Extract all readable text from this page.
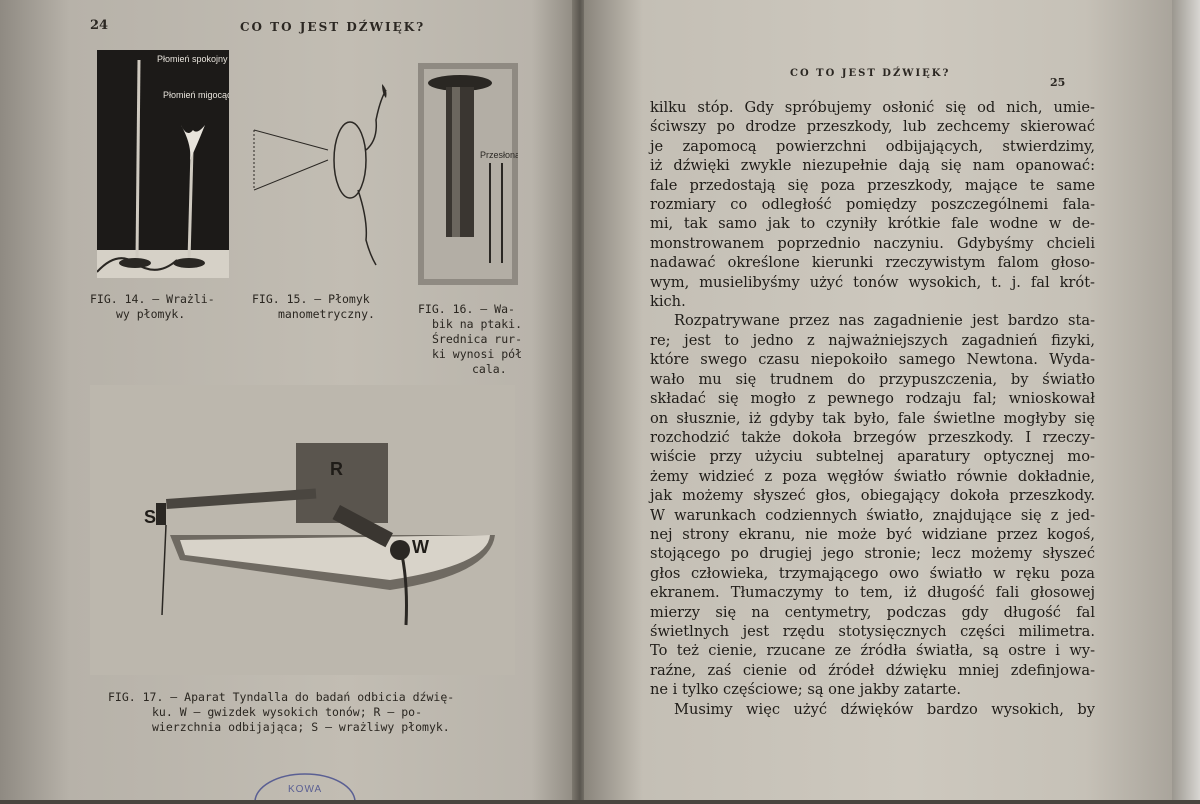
24	CO TO JEST DŹWIĘK?
Płomień spokojny
Płomień migocący
FIG. 14. — Wrażli-
wy płomyk.
FIG. 15. — Płomyk
manometryczny.
Przesłona
FIG. 16. — Wa-
bik na ptaki.
Średnica rur-
ki wynosi pół
cala.
S
R
W
FIG. 17. — Aparat Tyndalla do badań odbicia dźwię-
ku. W — gwizdek wysokich tonów; R — po-
wierzchnia odbijająca; S — wrażliwy płomyk.
KOWA
CO TO JEST DŹWIĘK?
25
kilku stóp. Gdy spróbujemy osłonić się od nich, umie-
ściwszy po drodze przeszkody, lub zechcemy skierować
je zapomocą powierzchni odbijających, stwierdzimy,
iż dźwięki zwykle niezupełnie dają się nam opanować:
fale przedostają się poza przeszkody, mające te same
rozmiary co odległość pomiędzy poszczególnemi fala-
mi, tak samo jak to czyniły krótkie fale wodne w de-
monstrowanem poprzednio naczyniu. Gdybyśmy chcieli
nadawać określone kierunki rzeczywistym falom głoso-
wym, musielibyśmy użyć tonów wysokich, t. j. fal krót-
kich.
Rozpatrywane przez nas zagadnienie jest bardzo sta-
re; jest to jedno z najważniejszych zagadnień fizyki,
które swego czasu niepokoiło samego Newtona. Wyda-
wało mu się trudnem do przypuszczenia, by światło
składać się mogło z pewnego rodzaju fal; wnioskował
on słusznie, iż gdyby tak było, fale świetlne mogłyby się
rozchodzić także dokoła brzegów przeszkody. I rzeczy-
wiście przy użyciu subtelnej aparatury optycznej mo-
żemy widzieć z poza węgłów światło równie dokładnie,
jak możemy słyszeć głos, obiegający dokoła przeszkody.
W warunkach codziennych światło, znajdujące się z jed-
nej strony ekranu, nie może być widziane przez kogoś,
stojącego po drugiej jego stronie; lecz możemy słyszeć
głos człowieka, trzymającego owo światło w ręku poza
ekranem. Tłumaczymy to tem, iż długość fali głosowej
mierzy się na centymetry, podczas gdy długość fal
świetlnych jest rzędu stotysięcznych części milimetra.
To też cienie, rzucane ze źródła światła, są ostre i wy-
raźne, zaś cienie od źródeł dźwięku mniej zdefinjowa-
ne i tylko częściowe; są one jakby zatarte.
Musimy więc użyć dźwięków bardzo wysokich, by
